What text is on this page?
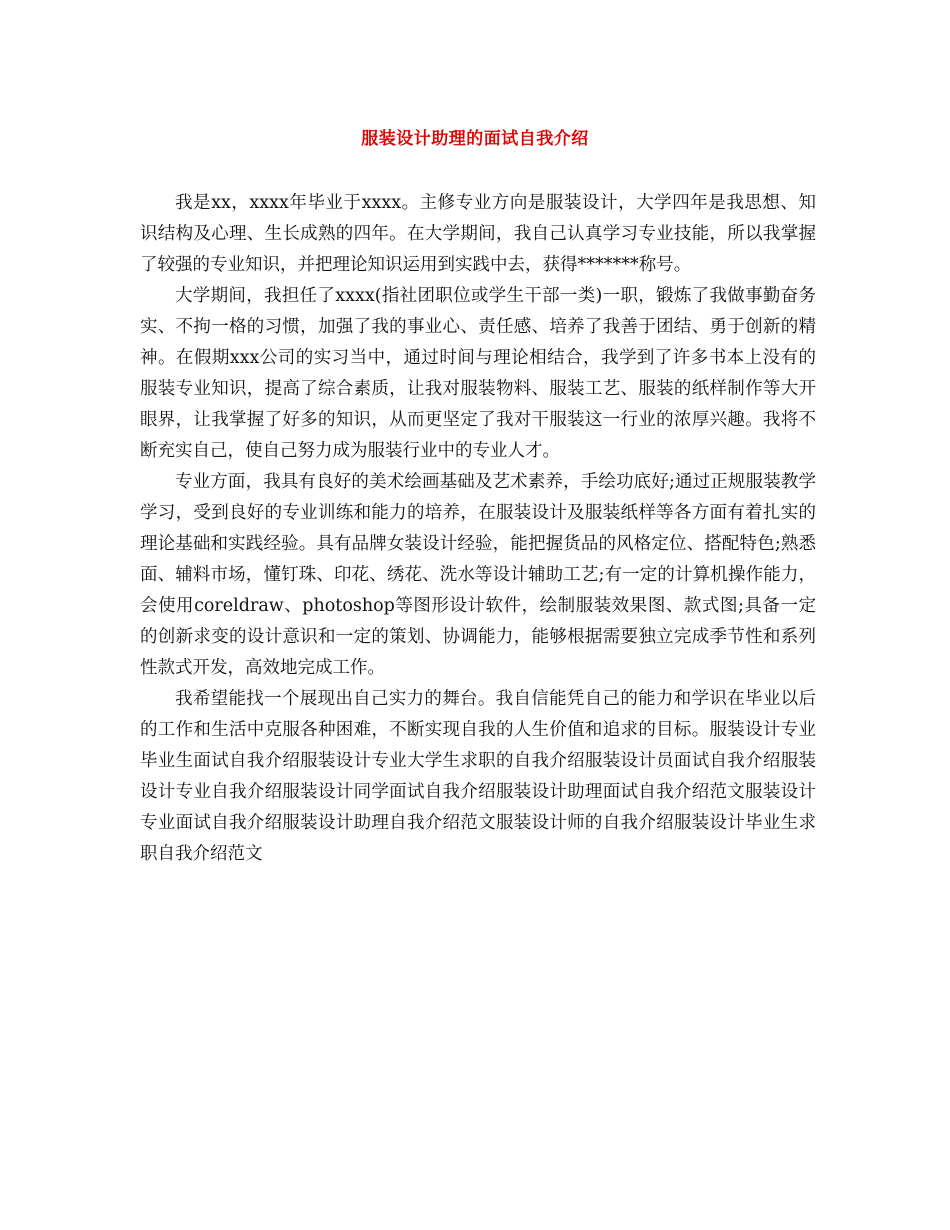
服装设计助理的面试自我介绍

我是xx，xxxx年毕业于xxxx。主修专业方向是服装设计，大学四年是我思想、知识结构及心理、生长成熟的四年。在大学期间，我自己认真学习专业技能，所以我掌握了较强的专业知识，并把理论知识运用到实践中去，获得*******称号。

大学期间，我担任了xxxx(指社团职位或学生干部一类)一职，锻炼了我做事勤奋务实、不拘一格的习惯，加强了我的事业心、责任感、培养了我善于团结、勇于创新的精神。在假期xxx公司的实习当中，通过时间与理论相结合，我学到了许多书本上没有的服装专业知识，提高了综合素质，让我对服装物料、服装工艺、服装的纸样制作等大开眼界，让我掌握了好多的知识，从而更坚定了我对干服装这一行业的浓厚兴趣。我将不断充实自己，使自己努力成为服装行业中的专业人才。

专业方面，我具有良好的美术绘画基础及艺术素养，手绘功底好;通过正规服装教学学习，受到良好的专业训练和能力的培养，在服装设计及服装纸样等各方面有着扎实的理论基础和实践经验。具有品牌女装设计经验，能把握货品的风格定位、搭配特色;熟悉面、辅料市场，懂钉珠、印花、绣花、洗水等设计辅助工艺;有一定的计算机操作能力，会使用coreldraw、photoshop等图形设计软件，绘制服装效果图、款式图;具备一定的创新求变的设计意识和一定的策划、协调能力，能够根据需要独立完成季节性和系列性款式开发，高效地完成工作。

我希望能找一个展现出自己实力的舞台。我自信能凭自己的能力和学识在毕业以后的工作和生活中克服各种困难，不断实现自我的人生价值和追求的目标。服装设计专业毕业生面试自我介绍服装设计专业大学生求职的自我介绍服装设计员面试自我介绍服装设计专业自我介绍服装设计同学面试自我介绍服装设计助理面试自我介绍范文服装设计专业面试自我介绍服装设计助理自我介绍范文服装设计师的自我介绍服装设计毕业生求职自我介绍范文
